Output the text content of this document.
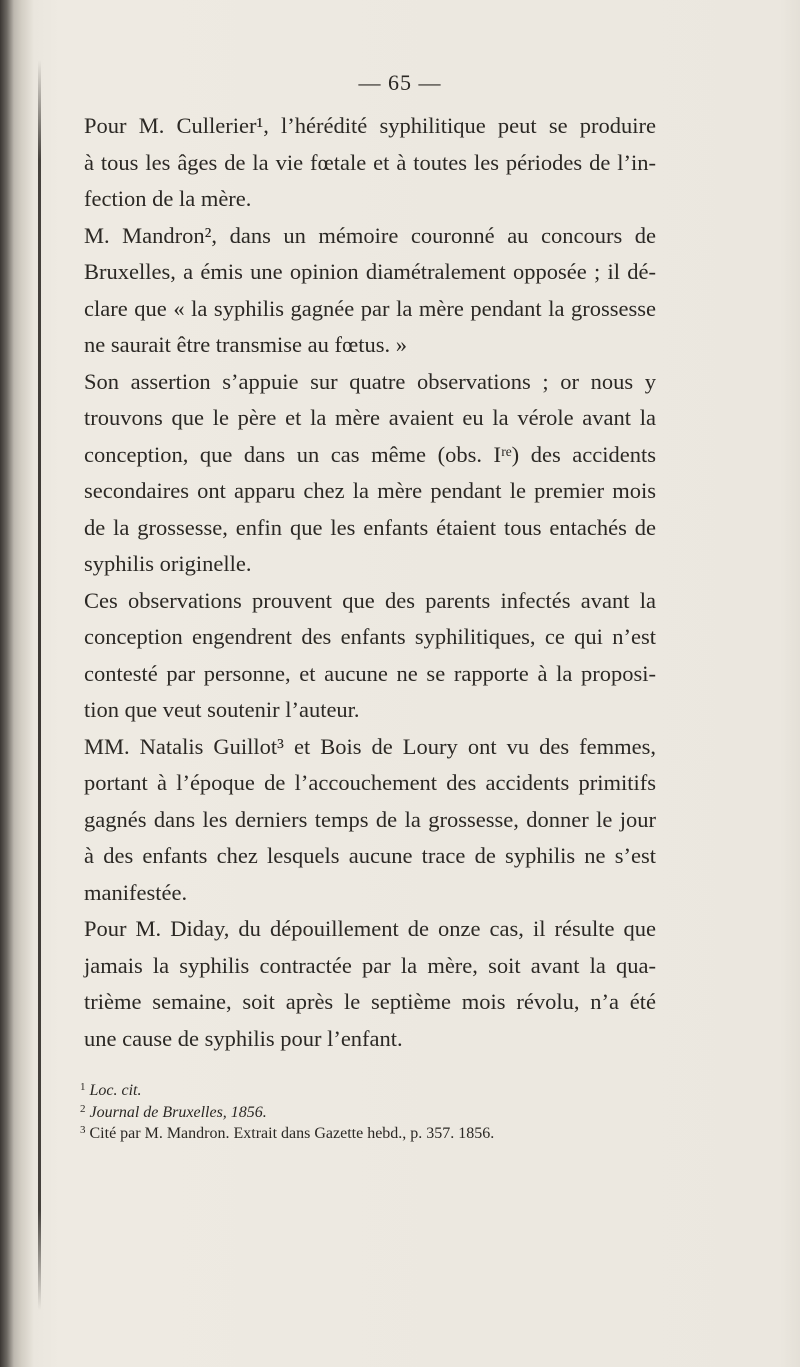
— 65 —

Pour M. Cullerier¹, l’hérédité syphilitique peut se produire
à tous les âges de la vie fœtale et à toutes les périodes de l’in-
fection de la mère.

M. Mandron², dans un mémoire couronné au concours de
Bruxelles, a émis une opinion diamétralement opposée ; il dé-
clare que « la syphilis gagnée par la mère pendant la grossesse
ne saurait être transmise au fœtus. »

Son assertion s’appuie sur quatre observations ; or nous y
trouvons que le père et la mère avaient eu la vérole avant la
conception, que dans un cas même (obs. Iʳᵉ) des accidents
secondaires ont apparu chez la mère pendant le premier mois
de la grossesse, enfin que les enfants étaient tous entachés de
syphilis originelle.

Ces observations prouvent que des parents infectés avant la
conception engendrent des enfants syphilitiques, ce qui n’est
contesté par personne, et aucune ne se rapporte à la proposi-
tion que veut soutenir l’auteur.

MM. Natalis Guillot³ et Bois de Loury ont vu des femmes,
portant à l’époque de l’accouchement des accidents primitifs
gagnés dans les derniers temps de la grossesse, donner le jour
à des enfants chez lesquels aucune trace de syphilis ne s’est
manifestée.

Pour M. Diday, du dépouillement de onze cas, il résulte que
jamais la syphilis contractée par la mère, soit avant la qua-
trième semaine, soit après le septième mois révolu, n’a été
une cause de syphilis pour l’enfant.

$^1$ Loc. cit.
$^2$ Journal de Bruxelles, 1856.
$^3$ Cité par M. Mandron. Extrait dans Gazette hebd., p. 357. 1856.
